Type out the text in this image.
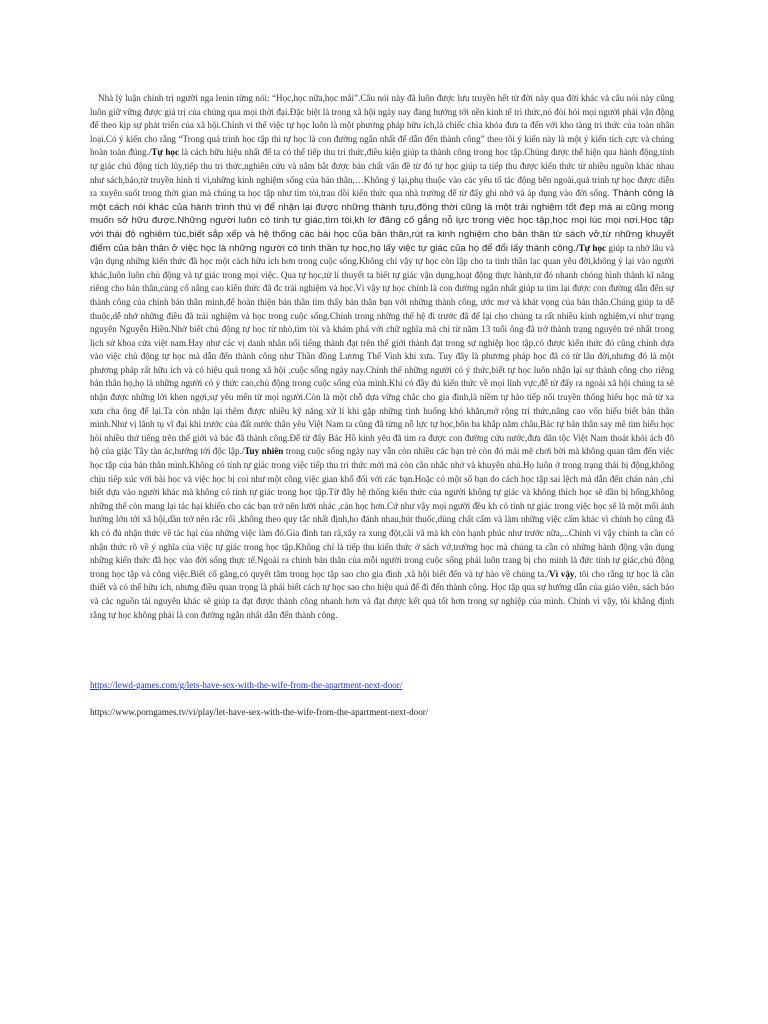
Nhà lý luận chính trị người nga lenin từng nói: “Học,học nữa,học mãi”.Câu nói này đã luôn được lưu truyền hết từ đời này qua đời khác và câu nói này cũng luôn giữ vững được giá trị của chúng qua mọi thời đại.Đặc biệt là trong xã hội ngày nay đang hướng tới nền kinh tế tri thức,nó đòi hỏi mọi người phải vận động để theo kịp sự phát triển của xã hội.Chính vì thế việc tự học luôn là một phương pháp hữu ích,là chiếc chìa khóa đưa ta đến với kho tàng tri thức của toàn nhân loại.Có ý kiến cho rằng “Trong quá trình học tập thì tự học là con đường ngắn nhất để dẫn đến thành công” theo tôi ý kiến này là một ý kiến tích cực và chúng hoàn toàn đúng./Tự học là cách hữu hiệu nhất để ta có thể tiếp thu tri thức,điều kiện giúp ta thành công trong học tập.Chúng được thể hiện qua hành động,tính tự giác chủ động tích lũy,tiếp thu tri thức,nghiên cứu và nắm bắt được bản chất vấn đề từ đó tự học giúp ta tiếp thu được kiến thức từ nhiều nguồn khác nhau như sách,báo,từ truyền hình ti vi,những kinh nghiệm sống của bản thân,…Không ý lại,phụ thuộc vào các yếu tố tác động bên ngoài,quá trình tự học được diễn ra xuyên suốt trong thời gian mà chúng ta học tập như tìm tòi,trau dồi kiến thức qua nhà trường để từ đấy ghi nhớ và áp dụng vào đời sống. Thành công là một cách nói khác của hành trình thú vị để nhận lại được những thành tựu,đồng thời cũng là một trải nghiệm tốt đẹp mà ai cũng mong muốn sở hữu được.Những người luôn có tính tự giác,tìm tòi,kh lơ đãng cố gắng nỗ lực trong việc học tập,học mọi lúc mọi nơi.Học tập với thái độ nghiêm túc,biết sắp xếp và hệ thống các bài học của bản thân,rút ra kinh nghiệm cho bản thân từ sách vở,từ những khuyết điểm của bản thân ở việc học là những người có tinh thần tự học,họ lấy việc tự giác của họ để đổi lấy thành công./Tự học giúp ta nhớ lâu và vận dụng những kiến thức đã học một cách hữu ích hơn trong cuộc sống.Không chỉ vậy tự học còn lập cho ta tinh thần lạc quan yêu đời,không ỷ lại vào người khác,luôn luôn chủ động và tự giác trong mọi việc. Qua tự học,từ lí thuyết ta biết tự giác vận dụng,hoạt động thực hành,từ đó nhanh chóng hình thành kĩ năng riêng cho bản thân,củng cố nâng cao kiến thức đã đc trải nghiệm và học.Vì vậy tự học chính là con đường ngắn nhất giúp ta tìm lại được con đường dẫn đến sự thành công của chính bản thân mình,để hoàn thiện bản thân tìm thấy bản thân bạn với những thành công, ước mơ và khát vọng của bản thân.Chúng giúp ta dễ thuộc,dễ nhớ những điều đã trải nghiệm và học trong cuộc sống.Chính trong những thế hệ đi trước đã để lại cho chúng ta rất nhiều kinh nghiệm,ví như trạng nguyên Nguyễn Hiền.Nhờ biết chủ động tự học từ nhỏ,tìm tòi và khám phá với chữ nghĩa mà chỉ từ năm 13 tuổi ông đã trở thành trạng nguyên trẻ nhất trong lịch sử khoa cửa việt nam.Hay như các vị danh nhân nổi tiếng thành đạt trên thế giới thành đạt trong sự nghiệp học tập,có được kiến thức đó cũng chính dựa vào việc chủ động tự học mà dẫn đến thành công như Thần đồng Lương Thế Vinh khi xưa. Tuy đây là phương pháp học đã có từ lâu đời,nhưng đó là một phương pháp rất hữu ích và có hiệu quả trong xã hội ,cuộc sống ngày nay.Chính thế những người có ý thức,biết tự học luôn nhận lại sự thành công cho riêng bản thân họ,họ là những người có ý thức cao,chủ động trong cuộc sống của mình.Khi có đầy đủ kiến thức về mọi lĩnh vực,để từ đấy ra ngoài xã hội chúng ta sẽ nhận được những lời khen ngợi,sự yêu mến từ mọi người.Còn là một chỗ dựa vững chắc cho gia đình,là niềm tự hào tiếp nối truyền thống hiếu học mà từ xa xưa cha ông để lại.Ta còn nhận lại thêm được nhiều kỹ năng xử lí khi gặp những tình huống khó khăn,mở rộng tri thức,nâng cao vốn hiểu biết bản thân mình.Như vị lãnh tụ vĩ đại khi trước của đất nước thân yêu Việt Nam ta cũng đã từng nỗ lực tự học,bôn ba khắp năm châu,Bác tự bản thân say mê tìm hiểu học hỏi nhiều thứ tiếng trên thế giới và bác đã thành công.Để từ đấy Bác Hồ kính yêu đã tìm ra được con đường cứu nước,đưa dân tộc Việt Nam thoát khỏi ách đô hộ của giặc Tây tàn ác,hướng tới độc lập./Tuy nhiên trong cuộc sống ngày nay vẫn còn nhiều các bạn trẻ còn đó mải mê chơi bời mà không quan tâm đến việc học tập của bản thân mình.Không có tính tự giác trong việc tiếp thu tri thức mới mà còn cần nhắc nhở và khuyên nhủ.Họ luôn ở trong trạng thái bị động,không chịu tiếp xúc với bài học và việc học bị coi như một công việc gian khổ đối với các bạn.Hoặc có một số bạn do cách học tập sai lệch mà dẫn đến chán nản ,chỉ biết dựa vào người khác mà không có tính tự giác trong học tập.Từ đây hệ thống kiến thức của người không tự giác và không thích học sẽ dần bị hổng,không những thế còn mang lại tác hại khiến cho các bạn trở nên lười nhác ,cản học hơn.Cứ như vậy mọi người đều kh có tính tự giác trong việc học sẽ là một mối ảnh hưởng lớn tới xã hội,dần trở nên rắc rối ,không theo quy tắc nhất định,ho đánh nhau,hút thuốc,dùng chất cấm và làm những việc cấm khác vì chính họ cũng đã kh có đủ nhận thức về tác hại của những việc làm đó.Gia đình tan rã,xây ra xung đột,cãi vã mà kh còn hạnh phúc như trước nữa,...Chính vì vậy chính ta cần có nhận thức rõ về ý nghĩa của việc tự giác trong học tập.Không chỉ là tiếp thu kiến thức ở sách vở,trường học mà chúng ta cần có những hành động vận dụng những kiến thức đã học vào đời sống thực tế.Ngoài ra chính bản thân của mỗi người trong cuộc sống phải luôn trang bị cho mình là đức tính tự giác,chủ động trong học tập và công việc.Biết cố gắng,có quyết tâm trong học tập sao cho gia đình ,xã hội biết đến và tự hào về chúng ta./Vì vậy, tôi cho rằng tự học là cần thiết và có thể hữu ích, nhưng điều quan trọng là phải biết cách tự học sao cho hiệu quả để đi đến thành công. Học tập qua sự hướng dẫn của giáo viên, sách báo và các nguồn tài nguyên khác sẽ giúp ta đạt được thành công nhanh hơn và đạt được kết quả tốt hơn trong sự nghiệp của mình. Chính vì vậy, tôi khẳng định rằng tự học không phải là con đường ngắn nhất dẫn đến thành công.

https://lewd-games.com/g/lets-have-sex-with-the-wife-from-the-apartment-next-door/
https://www.porngames.tv/vi/play/let-have-sex-with-the-wife-from-the-apartment-next-door/
